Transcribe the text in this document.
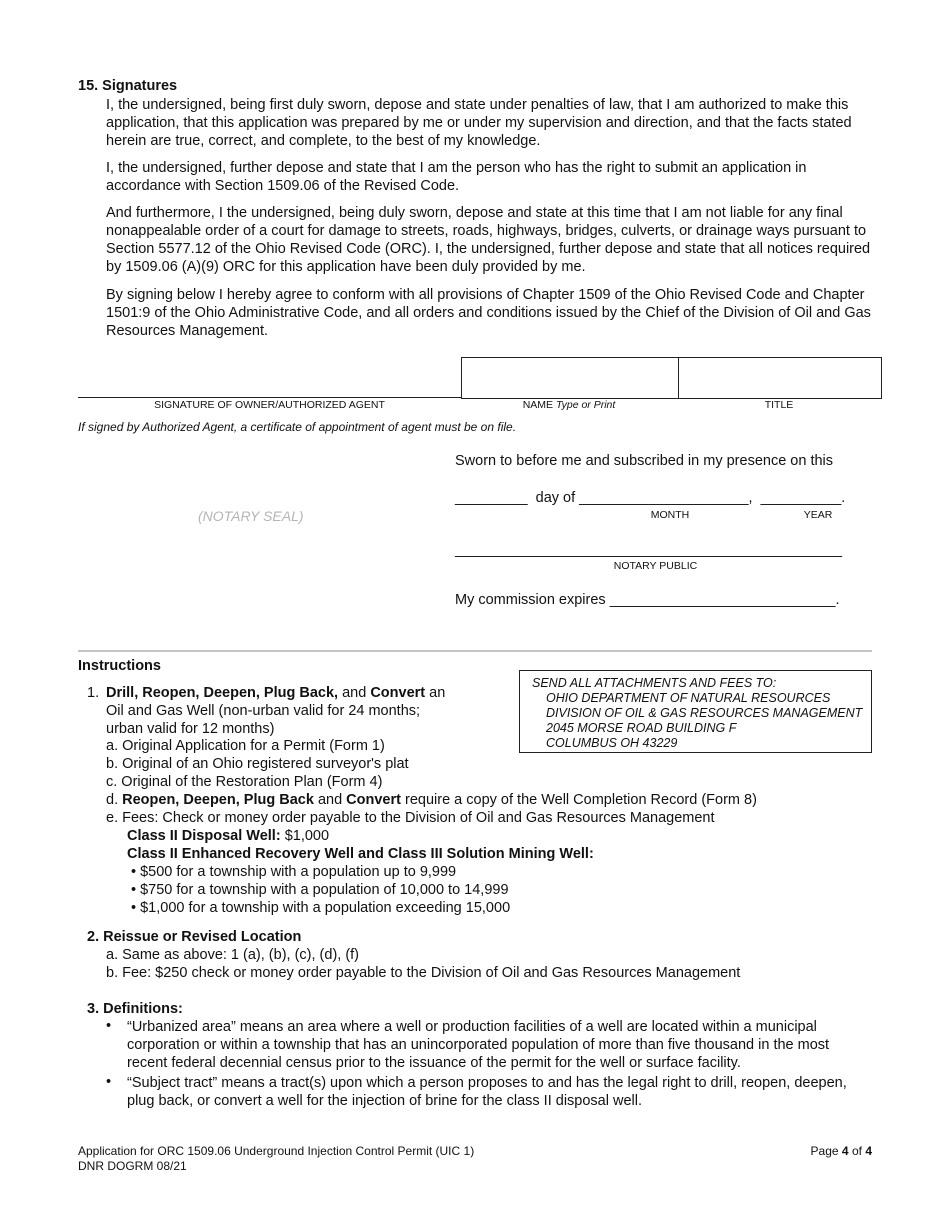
15. Signatures
I, the undersigned, being first duly sworn, depose and state under penalties of law, that I am authorized to make this application, that this application was prepared by me or under my supervision and direction, and that the facts stated herein are true, correct, and complete, to the best of my knowledge.
I, the undersigned, further depose and state that I am the person who has the right to submit an application in accordance with Section 1509.06 of the Revised Code.
And furthermore, I the undersigned, being duly sworn, depose and state at this time that I am not liable for any final nonappealable order of a court for damage to streets, roads, highways, bridges, culverts, or drainage ways pursuant to Section 5577.12 of the Ohio Revised Code (ORC). I, the undersigned, further depose and state that all notices required by 1509.06 (A)(9) ORC for this application have been duly provided by me.
By signing below I hereby agree to conform with all provisions of Chapter 1509 of the Ohio Revised Code and Chapter 1501:9 of the Ohio Administrative Code, and all orders and conditions issued by the Chief of the Division of Oil and Gas Resources Management.
SIGNATURE OF OWNER/AUTHORIZED AGENT	NAME Type or Print	TITLE
If signed by Authorized Agent, a certificate of appointment of agent must be on file.
(NOTARY SEAL)
Sworn to before me and subscribed in my presence on this
_________ day of _____________________, __________.
MONTH	YEAR
________________________________________________
NOTARY PUBLIC
My commission expires ____________________________.
Instructions
SEND ALL ATTACHMENTS AND FEES TO:
OHIO DEPARTMENT OF NATURAL RESOURCES
DIVISION OF OIL & GAS RESOURCES MANAGEMENT
2045 MORSE ROAD BUILDING F
COLUMBUS OH 43229
1. Drill, Reopen, Deepen, Plug Back, and Convert an
Oil and Gas Well (non-urban valid for 24 months;
urban valid for 12 months)
a. Original Application for a Permit (Form 1)
b. Original of an Ohio registered surveyor's plat
c. Original of the Restoration Plan (Form 4)
d. Reopen, Deepen, Plug Back and Convert require a copy of the Well Completion Record (Form 8)
e. Fees: Check or money order payable to the Division of Oil and Gas Resources Management
Class II Disposal Well: $1,000
Class II Enhanced Recovery Well and Class III Solution Mining Well:
• $500 for a township with a population up to 9,999
• $750 for a township with a population of 10,000 to 14,999
• $1,000 for a township with a population exceeding 15,000
2. Reissue or Revised Location
a. Same as above: 1 (a), (b), (c), (d), (f)
b. Fee: $250 check or money order payable to the Division of Oil and Gas Resources Management
3. Definitions:
• “Urbanized area” means an area where a well or production facilities of a well are located within a municipal corporation or within a township that has an unincorporated population of more than five thousand in the most recent federal decennial census prior to the issuance of the permit for the well or surface facility.
• “Subject tract” means a tract(s) upon which a person proposes to and has the legal right to drill, reopen, deepen, plug back, or convert a well for the injection of brine for the class II disposal well.
Application for ORC 1509.06 Underground Injection Control Permit (UIC 1)
DNR DOGRM 08/21
Page 4 of 4
